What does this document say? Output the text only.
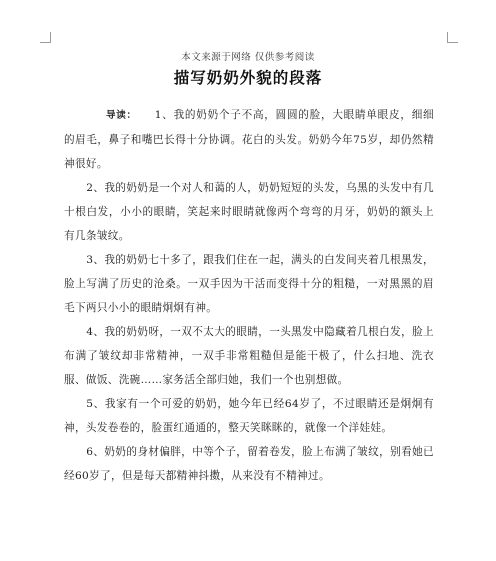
本文来源于网络 仅供参考阅读
描写奶奶外貌的段落

导读： 1、我的奶奶个子不高，圆圆的脸，大眼睛单眼皮，细细的眉毛，鼻子和嘴巴长得十分协调。花白的头发。奶奶今年75岁，却仍然精神很好。

2、我的奶奶是一个对人和蔼的人，奶奶短短的头发，乌黑的头发中有几十根白发，小小的眼睛，笑起来时眼睛就像两个弯弯的月牙，奶奶的额头上有几条皱纹。

3、我的奶奶七十多了，跟我们住在一起，满头的白发间夹着几根黑发，脸上写满了历史的沧桑。一双手因为干活而变得十分的粗糙，一对黑黑的眉毛下两只小小的眼睛炯炯有神。

4、我的奶奶呀，一双不太大的眼睛，一头黑发中隐藏着几根白发，脸上布满了皱纹却非常精神，一双手非常粗糙但是能干极了，什么扫地、洗衣服、做饭、洗碗……家务活全部归她，我们一个也别想做。

5、我家有一个可爱的奶奶，她今年已经64岁了，不过眼睛还是炯炯有神，头发卷卷的，脸蛋红通通的，整天笑眯眯的，就像一个洋娃娃。

6、奶奶的身材偏胖，中等个子，留着卷发，脸上布满了皱纹，别看她已经60岁了，但是每天都精神抖擞，从来没有不精神过。
